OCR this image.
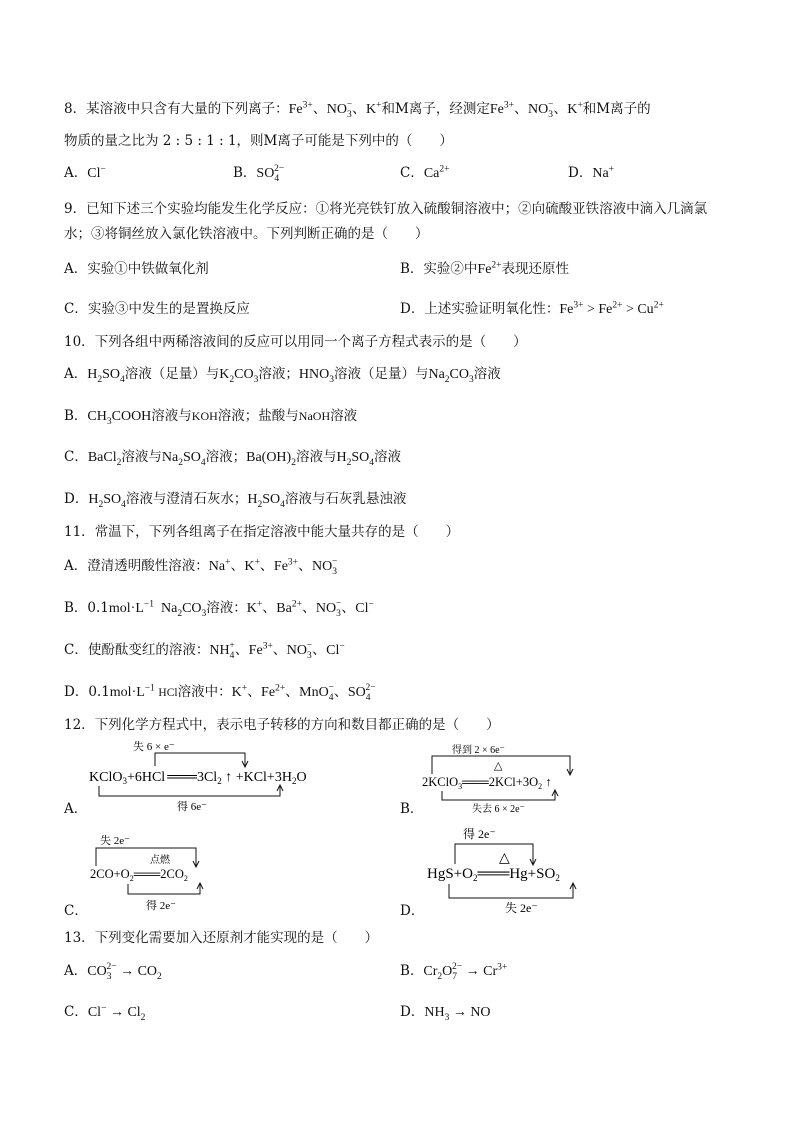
8．某溶液中只含有大量的下列离子：$Fe^{3+}$、$NO_3^-$、K+和M离子，经测定$Fe^{3+}$、$NO_3^-$、K+和M离子的
物质的量之比为 2 : 5 : 1 : 1，则M离子可能是下列中的（　　）
A．Cl−	B．$SO_4^{2-}$	C．$Ca^{2+}$	D．Na+
9．已知下述三个实验均能发生化学反应：①将光亮铁钉放入硫酸铜溶液中；②向硫酸亚铁溶液中滴入几滴氯
水；③将铜丝放入氯化铁溶液中。下列判断正确的是（　　）
A．实验①中铁做氧化剂	B．实验②中$Fe^{2+}$表现还原性
C．实验③中发生的是置换反应	D．上述实验证明氧化性：$Fe^{3+} > Fe^{2+} > Cu^{2+}$
10．下列各组中两稀溶液间的反应可以用同一个离子方程式表示的是（　　）
A．$H_2SO_4$溶液（足量）与$K_2CO_3$溶液；$HNO_3$溶液（足量）与$Na_2CO_3$溶液
B．$CH_3COOH$溶液与KOH溶液；盐酸与NaOH溶液
C．BaCl$_2$溶液与$Na_2SO_4$溶液；$Ba(OH)_2$溶液与$H_2SO_4$溶液
D．$H_2SO_4$溶液与澄清石灰水；$H_2SO_4$溶液与石灰乳悬浊液
11．常温下，下列各组离子在指定溶液中能大量共存的是（　　）
A．澄清透明酸性溶液：Na+、K+、$Fe^{3+}$、$NO_3^-$
B．$0.1mol\cdot L^{-1}$  $Na_2CO_3$溶液：K+、$Ba^{2+}$、$NO_3^-$、Cl−
C．使酚酞变红的溶液：$NH_4^+$、$Fe^{3+}$、$NO_3^-$、Cl−
D．$0.1mol\cdot L^{-1}$ HCl溶液中：K+、$Fe^{2+}$、MnO$_4$−、$SO_4^{2-}$
12．下列化学方程式中，表示电子转移的方向和数目都正确的是（　　）
A．
失 6 × e⁻
KClO$_3$+6HCl $═══3Cl_2$ ↑ $+KCl+3H_2O$
得 6e⁻	B．
得到 2 × 6e⁻
△
$2KClO_3═══2KCl+3O_2$ ↑
失去 6 × 2e⁻
C．
失 2e⁻
点燃
$2CO+O_2═══2CO_2$
得 2e⁻	D．
得 2e⁻
△
$HgS+O_2═══Hg+SO_2$
失 2e⁻
13．下列变化需要加入还原剂才能实现的是（　　）
A．$CO_3^{2-} \to CO_2$	B．$Cr_2O_7^{2-} \to Cr^{3+}$
C．$Cl^- \to Cl_2$	D．$NH_3$ → NO
